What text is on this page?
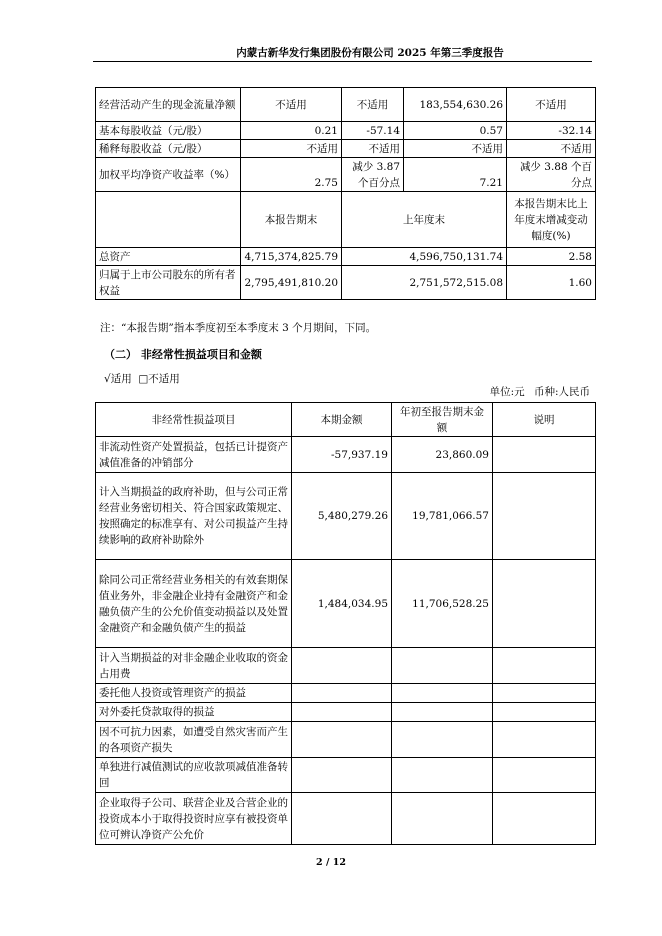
内蒙古新华发行集团股份有限公司 2025 年第三季度报告
经营活动产生的现金流量净额	不适用	不适用	183,554,630.26	不适用
基本每股收益（元/股）	0.21	-57.14	0.57	-32.14
稀释每股收益（元/股）	不适用	不适用	不适用	不适用
加权平均净资产收益率（%）	2.75	减少 3.87 个百分点	7.21	减少 3.88 个百分点
	本报告期末	上年度末		本报告期末比上年度末增减变动幅度(%)
总资产	4,715,374,825.79	4,596,750,131.74		2.58
归属于上市公司股东的所有者权益	2,795,491,810.20	2,751,572,515.08		1.60
注：“本报告期”指本季度初至本季度末 3 个月期间，下同。
（二） 非经常性损益项目和金额
√适用 □不适用
单位:元 币种:人民币
非经常性损益项目	本期金额	年初至报告期末金额	说明
非流动性资产处置损益，包括已计提资产减值准备的冲销部分	-57,937.19	23,860.09	
计入当期损益的政府补助，但与公司正常经营业务密切相关、符合国家政策规定、按照确定的标准享有、对公司损益产生持续影响的政府补助除外	5,480,279.26	19,781,066.57	
除同公司正常经营业务相关的有效套期保值业务外，非金融企业持有金融资产和金融负债产生的公允价值变动损益以及处置金融资产和金融负债产生的损益	1,484,034.95	11,706,528.25	
计入当期损益的对非金融企业收取的资金占用费			
委托他人投资或管理资产的损益			
对外委托贷款取得的损益			
因不可抗力因素，如遭受自然灾害而产生的各项资产损失			
单独进行减值测试的应收款项减值准备转回			
企业取得子公司、联营企业及合营企业的投资成本小于取得投资时应享有被投资单位可辨认净资产公允价			
2 / 12
